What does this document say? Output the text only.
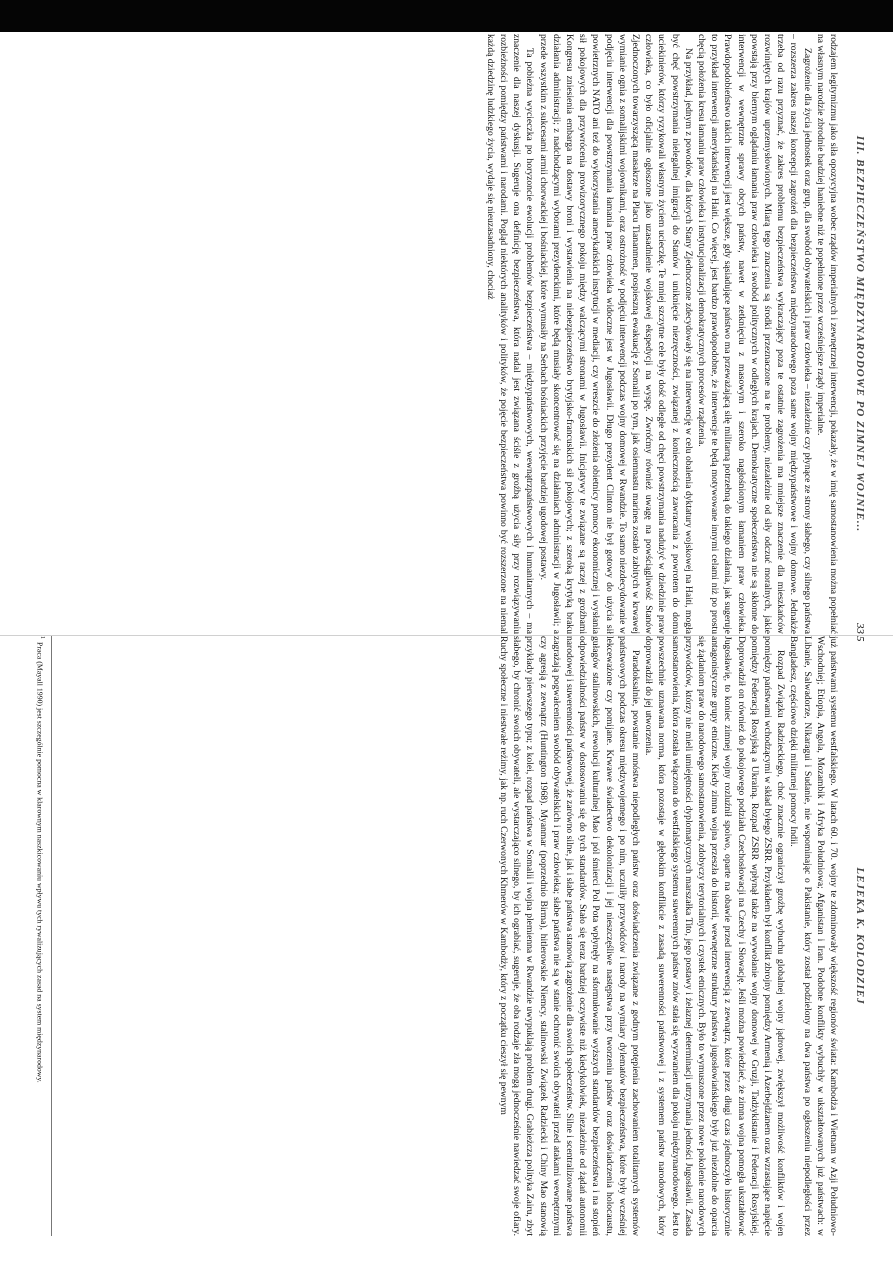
III. BEZPIECZEŃSTWO MIĘDZYNARODOWE PO ZIMNEJ WOJNIE...
33

rodzajem legitymizmu jako siła opozycyjna wobec rządów imperialnych i zewnętrznej interwencji, pokazały, że w imię samostanowienia można popełniać na własnym narodzie zbrodnie bardziej haniebne niż te popełnione przez wcześniejsze rządy imperialne.

Zagrożenie dla życia jednostek oraz grup, dla swobód obywatelskich i praw człowieka – niezależnie czy płynące ze strony słabego, czy silnego państwa – rozszerza zakres naszej koncepcji zagrożeń dla bezpieczeństwa międzynarodowego poza same wojny międzypaństwowe i wojny domowe. Jednakże trzeba od razu przyznać, że zakres problemu bezpieczeństwa wykraczający poza te ostatnie zagrożenia ma mniejsze znaczenie dla mieszkańców rozwiniętych krajów uprzemysłowionych. Miarą tego znaczenia są środki przeznaczone na te problemy, niezależnie od siły odczuć moralnych, jakie powstają przy biernym oglądaniu łamania praw człowieka i swobód politycznych w odległych krajach. Demokratyczne społeczeństwa nie są skłonne do interwencji w wewnętrzne sprawy obcych państw, nawet w zetknięciu z masowym i szeroko nagłośnionym łamaniem praw człowieka. Prawdopodobieństwo takich interwencji jest większe, gdy sąsiadujące państwo ma przeważającą siłę militarną potrzebną do takiego działania, jak sugeruje to przykład interwencji amerykańskiej na Haiti. Co więcej, jest bardzo prawdopodobne, że interwencje te będą motywowane innymi celami niż po prostu chęcią położenia kresu łamaniu praw człowieka i instytucjonalizacji demokratycznych procesów rządzenia.

Na przykład, jednym z powodów, dla których Stany Zjednoczone zdecydowały się na interwencję w celu obalenia dyktatury wojskowej na Haiti, mogła być chęć powstrzymania nielegalnej imigracji do Stanów i uniknięcie niezręczności, związanej z koniecznością zawracania z powrotem do domu uciekinierów, którzy ryzykowali własnym życiem ucieczkę. Te mniej szczytne cele były dość odległe od chęci powstrzymania nadużyć w dziedzinie praw człowieka, co było oficjalnie ogłoszone jako uzasadnienie wojskowej ekspedycji na wyspę. Zwróćmy również uwagę na powściągliwość Stanów Zjednoczonych towarzyszącą masakrze na Placu Tiananmen, pospieszną ewakuację z Somalii po tym, jak osiemnastu marines zostało zabitych w krwawej wymianie ognia z somalijskimi wojownikami, oraz ostrożność w podjęciu interwencji podczas wojny domowej w Rwandzie. To samo niezdecydowanie w podjęciu interwencji dla powstrzymania łamania praw człowieka widoczne jest w Jugosławii. Długo prezydent Clinton nie był gotowy do użycia sił powietrznych NATO ani też do wykorzystania amerykańskich instytucji w mediacji, czy wreszcie do złożenia obietnicy pomocy ekonomicznej i wysłania sił pokojowych dla przywrócenia prowizorycznego pokoju między walczącymi stronami w Jugosławii. Inicjatywy te związane są raczej z groźbami Kongresu zniesienia embarga na dostawy broni i wystawienia na niebezpieczeństwo brytyjsko-francuskich sił pokojowych; z szeroką krytyką braku działania administracji; z nadchodzącymi wyborami prezydenckimi, które będą musiały skoncentrować się na działaniach administracji w Jugosławii; a przede wszystkim z sukcesami armii chorwackiej i bośniackiej, które wymusiły na Serbach bośniackich przyjęcie bardziej ugodowej postawy.

Ta pobieżna wycieczka po horyzoncie ewolucji problemów bezpieczeństwa – międzypaństwowych, wewnątrzpaństwowych i humanitarnych – ma znaczenie dla naszej dyskusji. Sugeruje ona definicję bezpieczeństwa, która nadal jest związana ściśle z groźbą użycia siły przy rozwiązywaniu rozbieżności pomiędzy państwami i narodami. Pogląd niektórych analityków i polityków, że pojęcie bezpieczeństwa powinno być rozszerzone na niemal każdą dziedzinę ludzkiego życia, wydaje się nieuzasadniony, chociaż

5
LEJEKA K. KOLODZIEJ

już państwami systemu westfalskiego. W latach 60. i 70. wojny te zdominowały większość regionów świata: Kambodża i Wietnam w Azji Południowo-Wschodniej; Etiopia, Angola, Mozambik i Afryka Południowa; Afganistan i Iran. Podobne konflikty wybuchły w ukształtowanych już państwach: w Libanie, Salwadorze, Nikaragui i Sudanie, nie wspominając o Pakistanie, który został podzielony na dwa państwa po ogłoszeniu niepodległości przez Bangladesz, częściowo dzięki militarnej pomocy Indii.

Rozpad Związku Radzieckiego, choć znacznie ograniczył groźbę wybuchu globalnej wojny jądrowej, zwiększył możliwość konfliktów i wojen pomiędzy państwami wchodzącymi w skład byłego ZSRR. Przykładem był konflikt zbrojny pomiędzy Armenią i Azerbejdżanem oraz wzrastające napięcie pomiędzy Federacją Rosyjską a Ukrainą. Rozpad ZSRR wpłynął także na wywołanie wojny domowej w Gruzji, Tadżykistanie i Federacji Rosyjskiej. Doprowadził on również do pokojowego podziału Czechosłowacji na Czechy i Słowację. Jeśli można powiedzieć, że zimna wojna pomogła ukształtować Jugosławię, to koniec zimnej wojny rozluźnił spoiwo, oparte na obawie przed interwencją z zewnątrz, które przez długi czas zjednoczyło historycznie antagonistyczne grupy etniczne. Kiedy zimna wojna przeszła do historii, wewnętrzne struktury państwa jugosłowiańskiego były już niezdolne do oparcia się żądaniom praw do narodowego samostanowienia, zdobyczy terytorialnych i czystek etnicznych. Było to wymuszone przez nowe pokolenie narodowych przywódców, którzy nie mieli umiejętności dyplomatycznych marszałka Tito, jego postawy i żelaznej determinacji utrzymania jedności Jugosławii. Zasada samostanowienia, która została włączona do westfalskiego systemu suwerennych państw znów stała się wyzwaniem dla pokoju międzynarodowego. Jest to powszechnie uznawana norma, która pozostaje w głębokim konflikcie z zasadą suwerenności państwowej i z systemem państw narodowych, który doprowadził do jej utworzenia.

Paradoksalnie, powstanie mnóstwa niepodległych państw oraz doświadczenia związane z godnym potępienia zachowaniem totalitarnych systemów państwowych podczas okresu międzywojennego i po nim, uczuliły przywódców i narody na wymiary dylematów bezpieczeństwa, które były wcześniej lekceważone czy pomijane. Krwawe świadectwo dekolonizacji i jej nieszczęśliwe następstwa przy tworzeniu państw oraz doświadczenia holocaustu, gułagów stalinowskich, rewolucji kulturalnej Mao i pól śmierci Pol Pota wpłynęły na sformułowanie wyższych standardów bezpieczeństwa i na stopień odpowiedzialności państw w dostosowaniu się do tych standardów. Stało się teraz bardziej oczywiste niż kiedykolwiek, niezależnie od żądań autonomii narodowej i suwerenności państwowej, że zarówno silne, jak i słabe państwa stanowią zagrożenie dla swoich społeczeństw. Silne i scentralizowane państwa zagrażają pogwałceniem swobód obywatelskich i praw człowieka; słabe państwa nie są w stanie ochronić swoich obywateli przed atakami wewnętrznymi czy agresją z zewnątrz (Huntington 1968). Myanmar (poprzednio Birma), hitlerowskie Niemcy, stalinowski Związek Radziecki i Chiny Mao stanowią przykłady pierwszego typu; z kolei, rozpad państwa w Somalii i wojna plemienna w Rwandzie uwypuklają problem drugi. Grabieżcza polityka Zairu, zbyt słabego, by chronić swoich obywateli, ale wystarczająco silnego, by ich ograbiać, sugeruje, że oba rodzaje zła mogą jednocześnie nawiedzać swoje ofiary. Ruchy społeczne i niestwałe reżimy, jak np. ruch Czerwonych Khmerów w Kambodży, który z początku cieszył się pewnym

$^1$Praca (Mayall 1990) jest szczególnie pomocna w klarownym naszkicowaniu wpływu tych rywalizujących zasad na system międzynarodowy.
